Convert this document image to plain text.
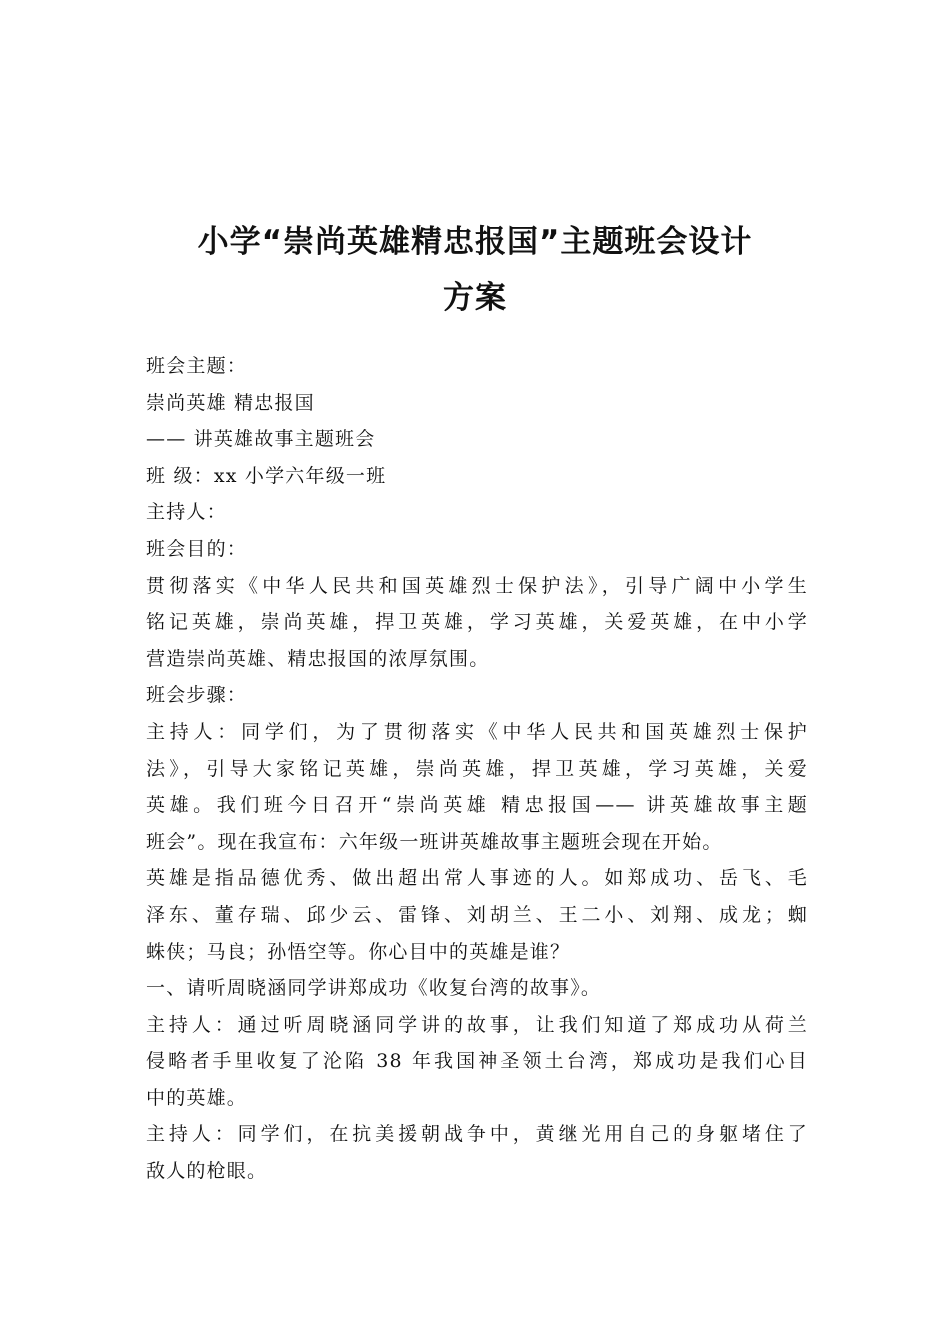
小学“崇尚英雄精忠报国”主题班会设计
方案
班会主题：
崇尚英雄 精忠报国
—— 讲英雄故事主题班会
班 级：xx 小学六年级一班
主持人：
班会目的：
贯彻落实《中华人民共和国英雄烈士保护法》，引导广阔中小学生
铭记英雄，崇尚英雄，捍卫英雄，学习英雄，关爱英雄，在中小学
营造崇尚英雄、精忠报国的浓厚氛围。
班会步骤：
主持人：同学们，为了贯彻落实《中华人民共和国英雄烈士保护
法》，引导大家铭记英雄，崇尚英雄，捍卫英雄，学习英雄，关爱
英雄。我们班今日召开“崇尚英雄 精忠报国—— 讲英雄故事主题
班会”。现在我宣布：六年级一班讲英雄故事主题班会现在开始。
英雄是指品德优秀、做出超出常人事迹的人。如郑成功、岳飞、毛
泽东、董存瑞、邱少云、雷锋、刘胡兰、王二小、刘翔、成龙；蜘
蛛侠；马良；孙悟空等。你心目中的英雄是谁？
一、请听周晓涵同学讲郑成功《收复台湾的故事》。
主持人：通过听周晓涵同学讲的故事，让我们知道了郑成功从荷兰
侵略者手里收复了沦陷 38 年我国神圣领土台湾，郑成功是我们心目
中的英雄。
主持人：同学们，在抗美援朝战争中，黄继光用自己的身躯堵住了
敌人的枪眼。
